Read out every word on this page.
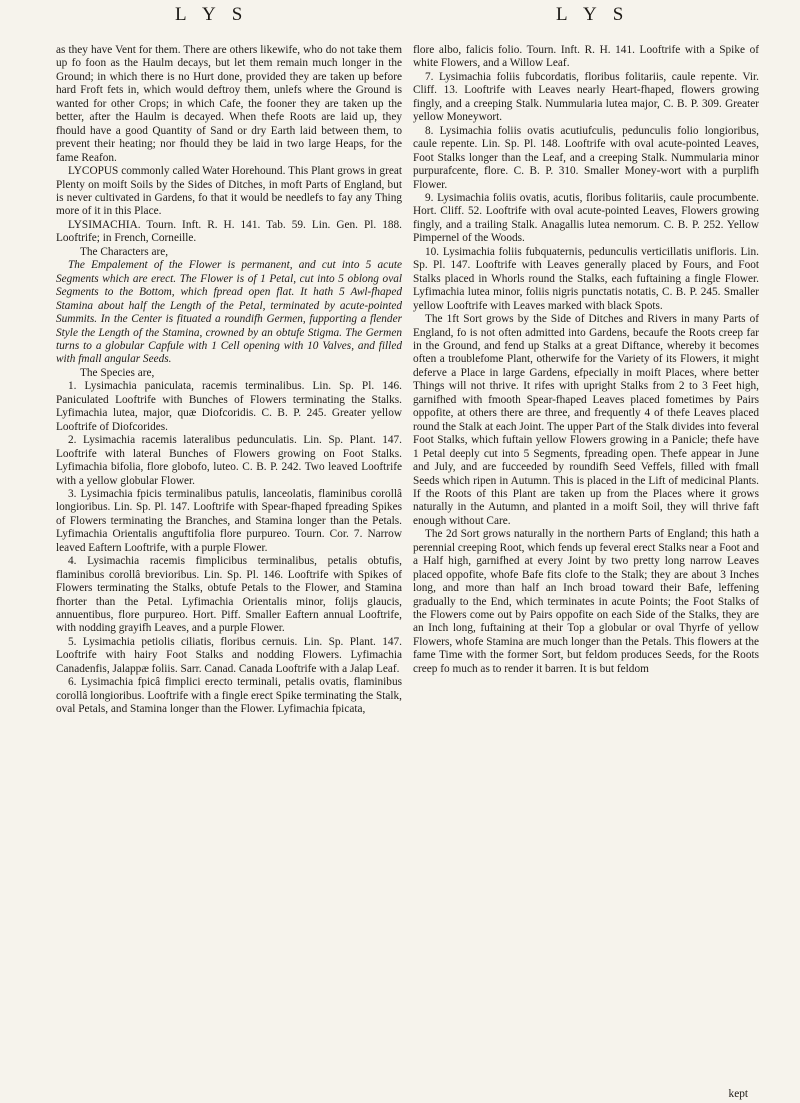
L Y S	L Y S

as they have Vent for them. There are others likewife, who do not take them up fo foon as the Haulm decays, but let them remain much longer in the Ground; in which there is no Hurt done, provided they are taken up before hard Froft fets in, which would deftroy them, unlefs where the Ground is wanted for other Crops; in which Cafe, the fooner they are taken up the better, after the Haulm is decayed. When thefe Roots are laid up, they fhould have a good Quantity of Sand or dry Earth laid between them, to prevent their heating; nor fhould they be laid in two large Heaps, for the fame Reafon.

LYCOPUS commonly called Water Horehound. This Plant grows in great Plenty on moift Soils by the Sides of Ditches, in moft Parts of England, but is never cultivated in Gardens, fo that it would be needlefs to fay any Thing more of it in this Place.

LYSIMACHIA. Tourn. Inft. R. H. 141. Tab. 59. Lin. Gen. Pl. 188. Looftrife; in French, Corneille.

The Characters are,

The Empalement of the Flower is permanent, and cut into 5 acute Segments which are erect. The Flower is of 1 Petal, cut into 5 oblong oval Segments to the Bottom, which fpread open flat. It hath 5 Awl-fhaped Stamina about half the Length of the Petal, terminated by acute-pointed Summits. In the Center is fituated a roundifh Germen, fupporting a flender Style the Length of the Stamina, crowned by an obtufe Stigma. The Germen turns to a globular Capfule with 1 Cell opening with 10 Valves, and filled with fmall angular Seeds.

The Species are,

1. Lysimachia paniculata, racemis terminalibus. Lin. Sp. Pl. 146. Paniculated Looftrife with Bunches of Flowers terminating the Stalks. Lyfimachia lutea, major, quæ Diofcoridis. C. B. P. 245. Greater yellow Looftrife of Diofcorides.

2. Lysimachia racemis lateralibus pedunculatis. Lin. Sp. Plant. 147. Looftrife with lateral Bunches of Flowers growing on Foot Stalks. Lyfimachia bifolia, flore globofo, luteo. C. B. P. 242. Two leaved Looftrife with a yellow globular Flower.

3. Lysimachia fpicis terminalibus patulis, lanceolatis, flaminibus corollâ longioribus. Lin. Sp. Pl. 147. Looftrife with Spear-fhaped fpreading Spikes of Flowers terminating the Branches, and Stamina longer than the Petals. Lyfimachia Orientalis anguftifolia flore purpureo. Tourn. Cor. 7. Narrow leaved Eaftern Looftrife, with a purple Flower.

4. Lysimachia racemis fimplicibus terminalibus, petalis obtufis, flaminibus corollâ brevioribus. Lin. Sp. Pl. 146. Looftrife with Spikes of Flowers terminating the Stalks, obtufe Petals to the Flower, and Stamina fhorter than the Petal. Lyfimachia Orientalis minor, folijs glaucis, annuentibus, flore purpureo. Hort. Piff. Smaller Eaftern annual Looftrife, with nodding grayifh Leaves, and a purple Flower.

5. Lysimachia petiolis ciliatis, floribus cernuis. Lin. Sp. Plant. 147. Looftrife with hairy Foot Stalks and nodding Flowers. Lyfimachia Canadenfis, Jalappæ foliis. Sarr. Canad. Canada Looftrife with a Jalap Leaf.

6. Lysimachia fpicâ fimplici erecto terminali, petalis ovatis, flaminibus corollâ longioribus. Looftrife with a fingle erect Spike terminating the Stalk, oval Petals, and Stamina longer than the Flower. Lyfimachia fpicata,

flore albo, falicis folio. Tourn. Inft. R. H. 141. Looftrife with a Spike of white Flowers, and a Willow Leaf.

7. Lysimachia foliis fubcordatis, floribus folitariis, caule repente. Vir. Cliff. 13. Looftrife with Leaves nearly Heart-fhaped, flowers growing fingly, and a creeping Stalk. Nummularia lutea major, C. B. P. 309. Greater yellow Moneywort.

8. Lysimachia foliis ovatis acutiufculis, pedunculis folio longioribus, caule repente. Lin. Sp. Pl. 148. Looftrife with oval acute-pointed Leaves, Foot Stalks longer than the Leaf, and a creeping Stalk. Nummularia minor purpurafcente, flore. C. B. P. 310. Smaller Money-wort with a purplifh Flower.

9. Lysimachia foliis ovatis, acutis, floribus folitariis, caule procumbente. Hort. Cliff. 52. Looftrife with oval acute-pointed Leaves, Flowers growing fingly, and a trailing Stalk. Anagallis lutea nemorum. C. B. P. 252. Yellow Pimpernel of the Woods.

10. Lysimachia foliis fubquaternis, pedunculis verticillatis unifloris. Lin. Sp. Pl. 147. Looftrife with Leaves generally placed by Fours, and Foot Stalks placed in Whorls round the Stalks, each fuftaining a fingle Flower. Lyfimachia lutea minor, foliis nigris punctatis notatis, C. B. P. 245. Smaller yellow Looftrife with Leaves marked with black Spots.

The 1ft Sort grows by the Side of Ditches and Rivers in many Parts of England, fo is not often admitted into Gardens, becaufe the Roots creep far in the Ground, and fend up Stalks at a great Diftance, whereby it becomes often a troublefome Plant, otherwife for the Variety of its Flowers, it might deferve a Place in large Gardens, efpecially in moift Places, where better Things will not thrive. It rifes with upright Stalks from 2 to 3 Feet high, garnifhed with fmooth Spear-fhaped Leaves placed fometimes by Pairs oppofite, at others there are three, and frequently 4 of thefe Leaves placed round the Stalk at each Joint. The upper Part of the Stalk divides into feveral Foot Stalks, which fuftain yellow Flowers growing in a Panicle; thefe have 1 Petal deeply cut into 5 Segments, fpreading open. Thefe appear in June and July, and are fucceeded by roundifh Seed Veffels, filled with fmall Seeds which ripen in Autumn. This is placed in the Lift of medicinal Plants. If the Roots of this Plant are taken up from the Places where it grows naturally in the Autumn, and planted in a moift Soil, they will thrive faft enough without Care.

The 2d Sort grows naturally in the northern Parts of England; this hath a perennial creeping Root, which fends up feveral erect Stalks near a Foot and a Half high, garnifhed at every Joint by two pretty long narrow Leaves placed oppofite, whofe Bafe fits clofe to the Stalk; they are about 3 Inches long, and more than half an Inch broad toward their Bafe, leffening gradually to the End, which terminates in acute Points; the Foot Stalks of the Flowers come out by Pairs oppofite on each Side of the Stalks, they are an Inch long, fuftaining at their Top a globular or oval Thyrfe of yellow Flowers, whofe Stamina are much longer than the Petals. This flowers at the fame Time with the former Sort, but feldom produces Seeds, for the Roots creep fo much as to render it barren. It is but feldom

kept
